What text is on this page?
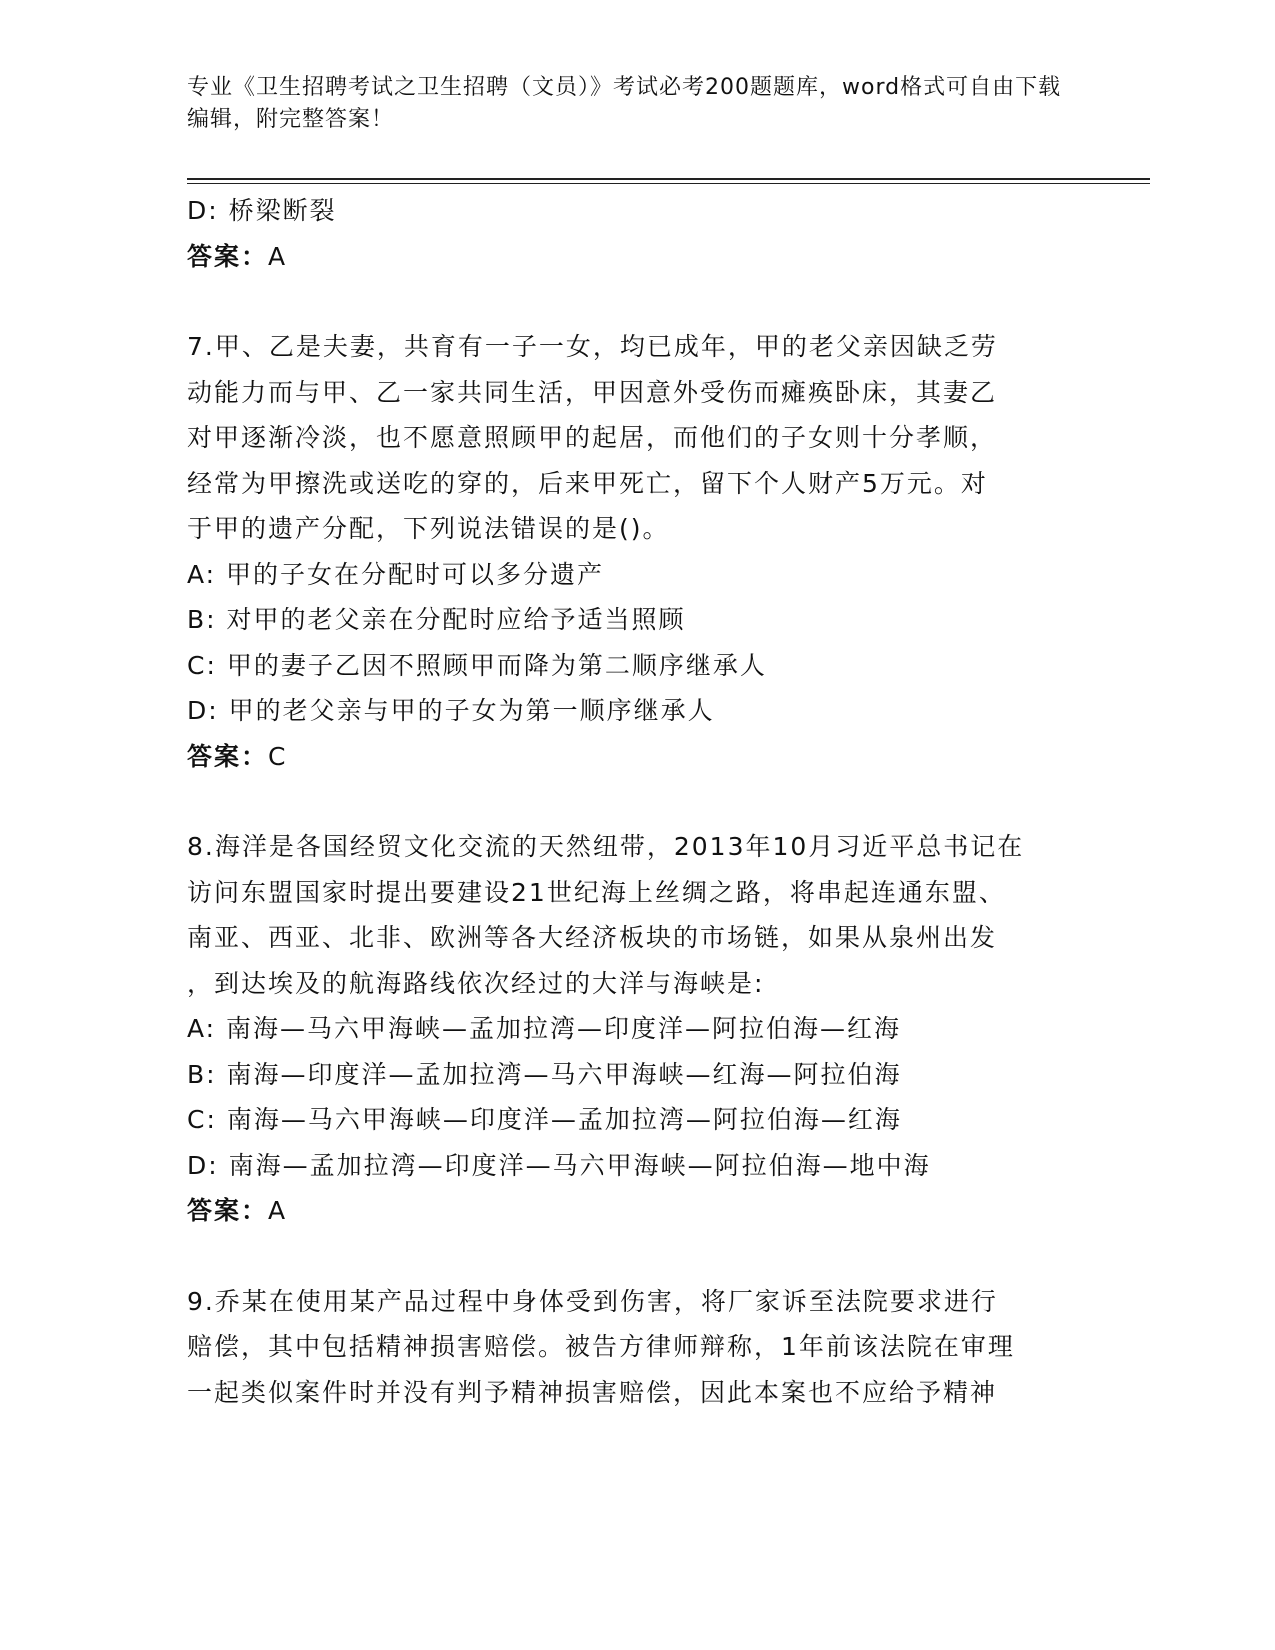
专业《卫生招聘考试之卫生招聘（文员）》考试必考200题题库，word格式可自由下载编辑，附完整答案！
D: 桥梁断裂
答案：A
7.甲、乙是夫妻，共育有一子一女，均已成年，甲的老父亲因缺乏劳
动能力而与甲、乙一家共同生活，甲因意外受伤而瘫痪卧床，其妻乙
对甲逐渐冷淡，也不愿意照顾甲的起居，而他们的子女则十分孝顺，
经常为甲擦洗或送吃的穿的，后来甲死亡，留下个人财产5万元。对
于甲的遗产分配，下列说法错误的是()。
A: 甲的子女在分配时可以多分遗产
B: 对甲的老父亲在分配时应给予适当照顾
C: 甲的妻子乙因不照顾甲而降为第二顺序继承人
D: 甲的老父亲与甲的子女为第一顺序继承人
答案：C
8.海洋是各国经贸文化交流的天然纽带，2013年10月习近平总书记在
访问东盟国家时提出要建设21世纪海上丝绸之路，将串起连通东盟、
南亚、西亚、北非、欧洲等各大经济板块的市场链，如果从泉州出发
，到达埃及的航海路线依次经过的大洋与海峡是:
A: 南海—马六甲海峡—孟加拉湾—印度洋—阿拉伯海—红海
B: 南海—印度洋—孟加拉湾—马六甲海峡—红海—阿拉伯海
C: 南海—马六甲海峡—印度洋—孟加拉湾—阿拉伯海—红海
D: 南海—孟加拉湾—印度洋—马六甲海峡—阿拉伯海—地中海
答案：A
9.乔某在使用某产品过程中身体受到伤害，将厂家诉至法院要求进行
赔偿，其中包括精神损害赔偿。被告方律师辩称，1年前该法院在审理
一起类似案件时并没有判予精神损害赔偿，因此本案也不应给予精神
